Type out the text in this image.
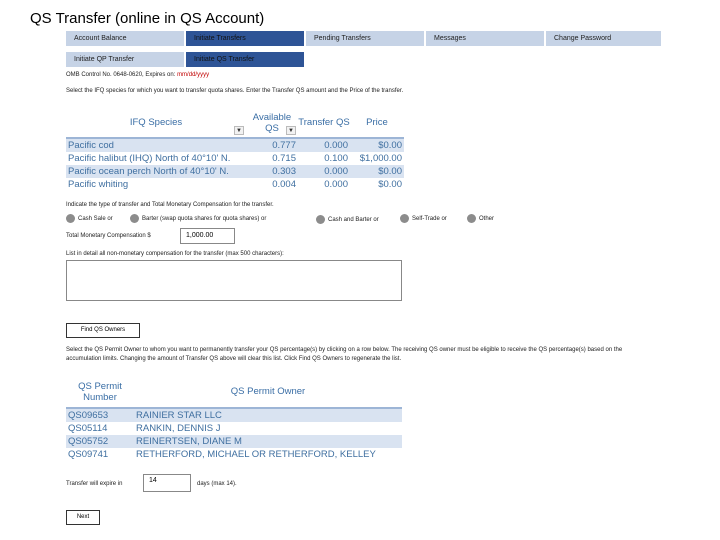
QS Transfer (online in QS Account)
Account Balance	Initiate Transfers	Pending Transfers	Messages	Change Password
Initiate QP Transfer	Initiate QS Transfer
OMB Control No. 0648-0620, Expires on: mm/dd/yyyy
Select the IFQ species for which you want to transfer quota shares. Enter the Transfer QS amount and the Price of the transfer.
IFQ Species
▼	Available QS ▼	Transfer QS	Price
Pacific cod	0.777	0.000	$0.00
Pacific halibut (IHQ) North of 40°10' N.	0.715	0.100	$1,000.00
Pacific ocean perch North of 40°10' N.	0.303	0.000	$0.00
Pacific whiting	0.004	0.000	$0.00
Indicate the type of transfer and Total Monetary Compensation for the transfer.
Cash Sale or	Barter (swap quota shares for quota shares) or	Cash and Barter or	Self-Trade or	Other
Total Monetary Compensation $	1,000.00
List in detail all non-monetary compensation for the transfer (max 500 characters):
Find QS Owners
Select the QS Permit Owner to whom you want to permanently transfer your QS percentage(s) by clicking on a row below. The receiving QS owner must be eligible to receive the QS percentage(s) based on the accumulation limits. Changing the amount of Transfer QS above will clear this list. Click Find QS Owners to regenerate the list.
QS Permit Number	QS Permit Owner
QS09653	RAINIER STAR LLC
QS05114	RANKIN, DENNIS J
QS05752	REINERTSEN, DIANE M
QS09741	RETHERFORD, MICHAEL OR RETHERFORD, KELLEY
Transfer will expire in	14	days (max 14).
Next
